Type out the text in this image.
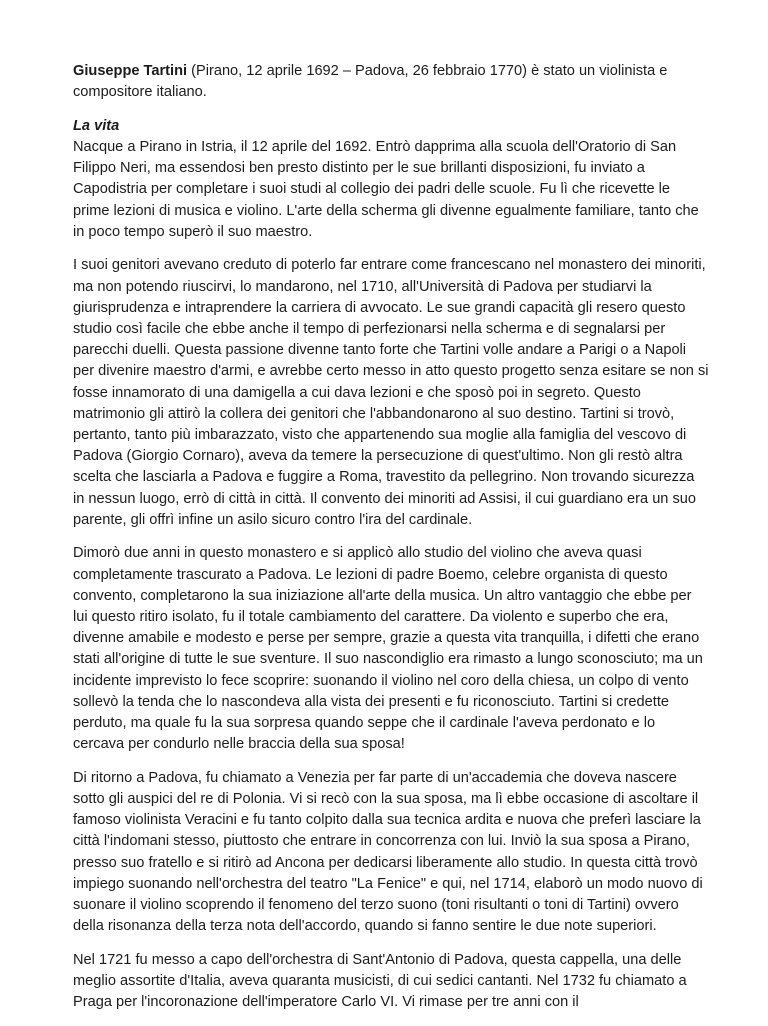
Giuseppe Tartini (Pirano, 12 aprile 1692 – Padova, 26 febbraio 1770) è stato un violinista e compositore italiano.

La vita
Nacque a Pirano in Istria, il 12 aprile del 1692. Entrò dapprima alla scuola dell'Oratorio di San Filippo Neri, ma essendosi ben presto distinto per le sue brillanti disposizioni, fu inviato a Capodistria per completare i suoi studi al collegio dei padri delle scuole. Fu lì che ricevette le prime lezioni di musica e violino. L'arte della scherma gli divenne egualmente familiare, tanto che in poco tempo superò il suo maestro.

I suoi genitori avevano creduto di poterlo far entrare come francescano nel monastero dei minoriti, ma non potendo riuscirvi, lo mandarono, nel 1710, all'Università di Padova per studiarvi la giurisprudenza e intraprendere la carriera di avvocato. Le sue grandi capacità gli resero questo studio così facile che ebbe anche il tempo di perfezionarsi nella scherma e di segnalarsi per parecchi duelli. Questa passione divenne tanto forte che Tartini volle andare a Parigi o a Napoli per divenire maestro d'armi, e avrebbe certo messo in atto questo progetto senza esitare se non si fosse innamorato di una damigella a cui dava lezioni e che sposò poi in segreto. Questo matrimonio gli attirò la collera dei genitori che l'abbandonarono al suo destino. Tartini si trovò, pertanto, tanto più imbarazzato, visto che appartenendo sua moglie alla famiglia del vescovo di Padova (Giorgio Cornaro), aveva da temere la persecuzione di quest'ultimo. Non gli restò altra scelta che lasciarla a Padova e fuggire a Roma, travestito da pellegrino. Non trovando sicurezza in nessun luogo, errò di città in città. Il convento dei minoriti ad Assisi, il cui guardiano era un suo parente, gli offrì infine un asilo sicuro contro l'ira del cardinale.

Dimorò due anni in questo monastero e si applicò allo studio del violino che aveva quasi completamente trascurato a Padova. Le lezioni di padre Boemo, celebre organista di questo convento, completarono la sua iniziazione all'arte della musica. Un altro vantaggio che ebbe per lui questo ritiro isolato, fu il totale cambiamento del carattere. Da violento e superbo che era, divenne amabile e modesto e perse per sempre, grazie a questa vita tranquilla, i difetti che erano stati all'origine di tutte le sue sventure. Il suo nascondiglio era rimasto a lungo sconosciuto; ma un incidente imprevisto lo fece scoprire: suonando il violino nel coro della chiesa, un colpo di vento sollevò la tenda che lo nascondeva alla vista dei presenti e fu riconosciuto. Tartini si credette perduto, ma quale fu la sua sorpresa quando seppe che il cardinale l'aveva perdonato e lo cercava per condurlo nelle braccia della sua sposa!

Di ritorno a Padova, fu chiamato a Venezia per far parte di un'accademia che doveva nascere sotto gli auspici del re di Polonia. Vi si recò con la sua sposa, ma lì ebbe occasione di ascoltare il famoso violinista Veracini e fu tanto colpito dalla sua tecnica ardita e nuova che preferì lasciare la città l'indomani stesso, piuttosto che entrare in concorrenza con lui. Inviò la sua sposa a Pirano, presso suo fratello e si ritirò ad Ancona per dedicarsi liberamente allo studio. In questa città trovò impiego suonando nell'orchestra del teatro "La Fenice" e qui, nel 1714, elaborò un modo nuovo di suonare il violino scoprendo il fenomeno del terzo suono (toni risultanti o toni di Tartini) ovvero della risonanza della terza nota dell'accordo, quando si fanno sentire le due note superiori.

Nel 1721 fu messo a capo dell'orchestra di Sant'Antonio di Padova, questa cappella, una delle meglio assortite d'Italia, aveva quaranta musicisti, di cui sedici cantanti. Nel 1732 fu chiamato a Praga per l'incoronazione dell'imperatore Carlo VI. Vi rimase per tre anni con il
